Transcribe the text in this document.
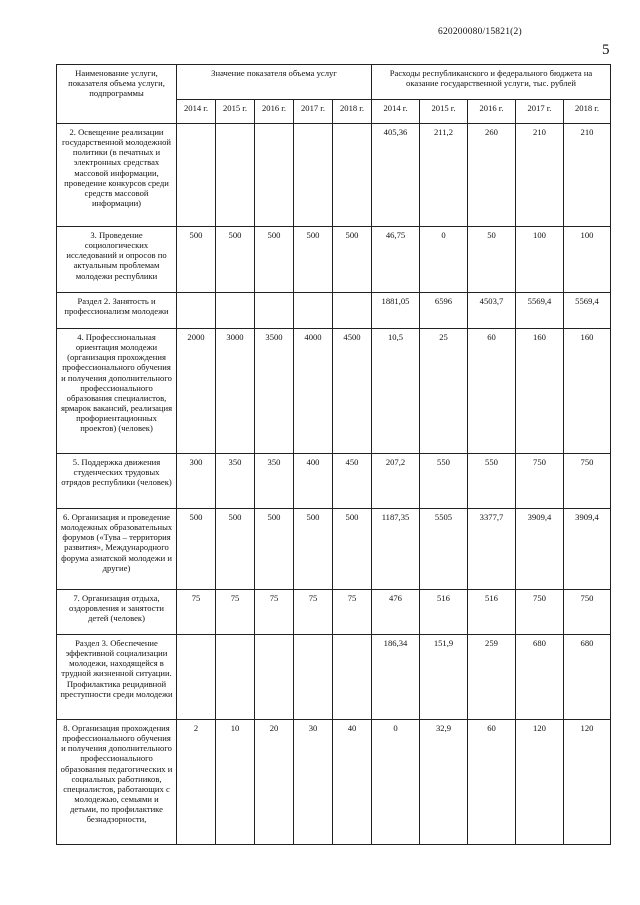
620200080/15821(2)
5
Наименование услуги, показателя объема услуги, подпрограммы	Значение показателя объема услуг					Расходы республиканского и федерального бюджета на оказание государственной услуги, тыс. рублей				
	2014 г.	2015 г.	2016 г.	2017 г.	2018 г.	2014 г.	2015 г.	2016 г.	2017 г.	2018 г.
2. Освещение реализации государственной молодежной политики (в печатных и электронных средствах массовой информации, проведение конкурсов среди средств массовой информации)						405,36	211,2	260	210	210
3. Проведение социологических исследований и опросов по актуальным проблемам молодежи республики	500	500	500	500	500	46,75	0	50	100	100
Раздел 2. Занятость и профессионализм молодежи						1881,05	6596	4503,7	5569,4	5569,4
4. Профессиональная ориентация молодежи (организация прохождения профессионального обучения и получения дополнительного профессионального образования специалистов, ярмарок вакансий, реализация профориентационных проектов) (человек)	2000	3000	3500	4000	4500	10,5	25	60	160	160
5. Поддержка движения студенческих трудовых отрядов республики (человек)	300	350	350	400	450	207,2	550	550	750	750
6. Организация и проведение молодежных образовательных форумов («Тува – территория развития», Международного форума азиатской молодежи и другие)	500	500	500	500	500	1187,35	5505	3377,7	3909,4	3909,4
7. Организация отдыха, оздоровления и занятости детей (человек)	75	75	75	75	75	476	516	516	750	750
Раздел 3. Обеспечение эффективной социализации молодежи, находящейся в трудной жизненной ситуации. Профилактика рецидивной преступности среди молодежи						186,34	151,9	259	680	680
8. Организация прохождения профессионального обучения и получения дополнительного профессионального образования педагогических и социальных работников, специалистов, работающих с молодежью, семьями и детьми, по профилактике безнадзорности,	2	10	20	30	40	0	32,9	60	120	120
